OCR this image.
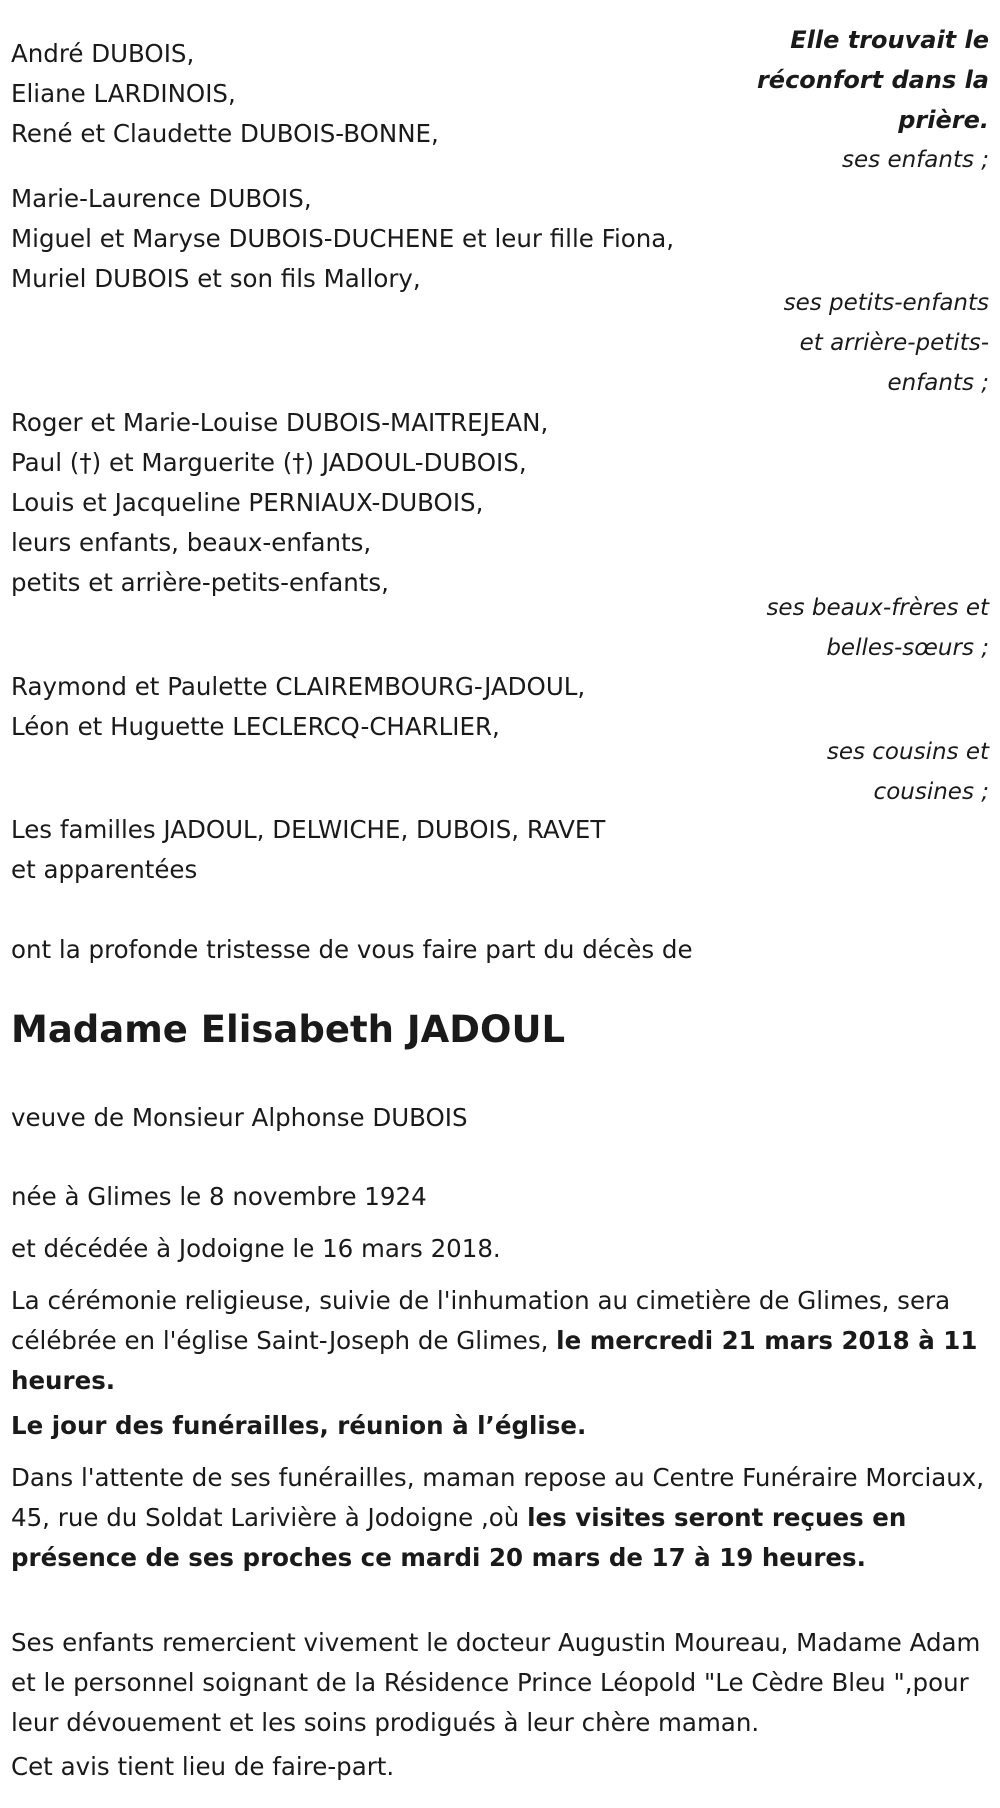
Elle trouvait le
réconfort dans la
prière.
André DUBOIS,
Eliane LARDINOIS,
René et Claudette DUBOIS-BONNE,
ses enfants ;
Marie-Laurence DUBOIS,
Miguel et Maryse DUBOIS-DUCHENE et leur fille Fiona,
Muriel DUBOIS et son fils Mallory,
ses petits-enfants
et arrière-petits-
enfants ;
Roger et Marie-Louise DUBOIS-MAITREJEAN,
Paul (†) et Marguerite (†) JADOUL-DUBOIS,
Louis et Jacqueline PERNIAUX-DUBOIS,
leurs enfants, beaux-enfants,
petits et arrière-petits-enfants,
ses beaux-frères et
belles-sœurs ;
Raymond et Paulette CLAIREMBOURG-JADOUL,
Léon et Huguette LECLERCQ-CHARLIER,
ses cousins et
cousines ;
Les familles JADOUL, DELWICHE, DUBOIS, RAVET
et apparentées
ont la profonde tristesse de vous faire part du décès de
Madame Elisabeth JADOUL
veuve de Monsieur Alphonse DUBOIS
née à Glimes le 8 novembre 1924
et décédée à Jodoigne le 16 mars 2018.
La cérémonie religieuse, suivie de l'inhumation au cimetière de Glimes, sera célébrée en l'église Saint-Joseph de Glimes, le mercredi 21 mars 2018 à 11 heures.
Le jour des funérailles, réunion à l’église.
Dans l'attente de ses funérailles, maman repose au Centre Funéraire Morciaux, 45, rue du Soldat Larivière à Jodoigne ,où les visites seront reçues en présence de ses proches ce mardi 20 mars de 17 à 19 heures.
Ses enfants remercient vivement le docteur Augustin Moureau, Madame Adam et le personnel soignant de la Résidence Prince Léopold "Le Cèdre Bleu ",pour leur dévouement et les soins prodigués à leur chère maman.
Cet avis tient lieu de faire-part.
